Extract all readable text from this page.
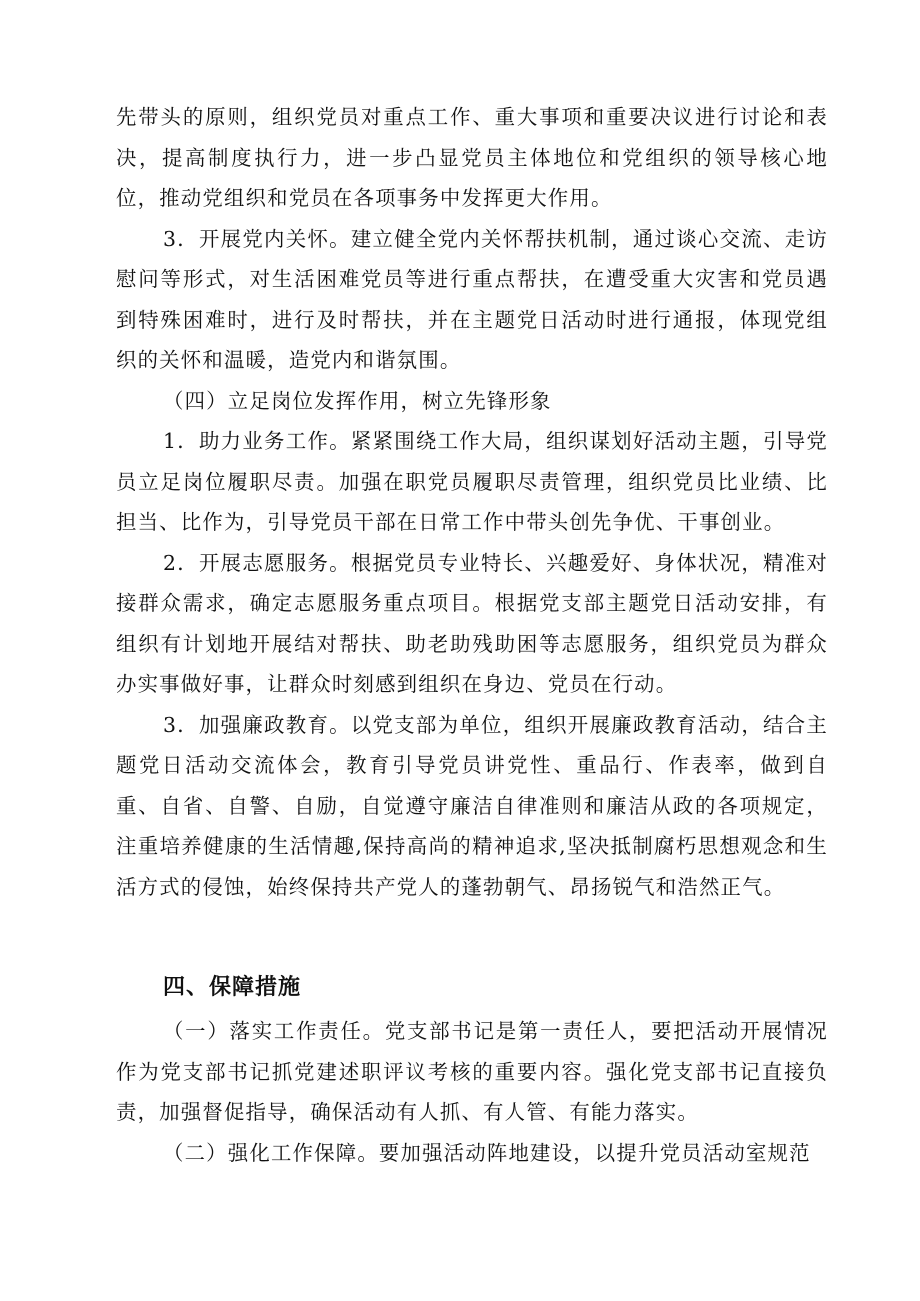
先带头的原则，组织党员对重点工作、重大事项和重要决议进行讨论和表决，提高制度执行力，进一步凸显党员主体地位和党组织的领导核心地位，推动党组织和党员在各项事务中发挥更大作用。

3．开展党内关怀。建立健全党内关怀帮扶机制，通过谈心交流、走访慰问等形式，对生活困难党员等进行重点帮扶，在遭受重大灾害和党员遇到特殊困难时，进行及时帮扶，并在主题党日活动时进行通报，体现党组织的关怀和温暖，造党内和谐氛围。

（四）立足岗位发挥作用，树立先锋形象

1．助力业务工作。紧紧围绕工作大局，组织谋划好活动主题，引导党员立足岗位履职尽责。加强在职党员履职尽责管理，组织党员比业绩、比担当、比作为，引导党员干部在日常工作中带头创先争优、干事创业。

2．开展志愿服务。根据党员专业特长、兴趣爱好、身体状况，精准对接群众需求，确定志愿服务重点项目。根据党支部主题党日活动安排，有组织有计划地开展结对帮扶、助老助残助困等志愿服务，组织党员为群众办实事做好事，让群众时刻感到组织在身边、党员在行动。

3．加强廉政教育。以党支部为单位，组织开展廉政教育活动，结合主题党日活动交流体会，教育引导党员讲党性、重品行、作表率，做到自重、自省、自警、自励，自觉遵守廉洁自律准则和廉洁从政的各项规定，注重培养健康的生活情趣,保持高尚的精神追求,坚决抵制腐朽思想观念和生活方式的侵蚀，始终保持共产党人的蓬勃朝气、昂扬锐气和浩然正气。

四、保障措施

（一）落实工作责任。党支部书记是第一责任人，要把活动开展情况作为党支部书记抓党建述职评议考核的重要内容。强化党支部书记直接负责，加强督促指导，确保活动有人抓、有人管、有能力落实。

（二）强化工作保障。要加强活动阵地建设，以提升党员活动室规范
